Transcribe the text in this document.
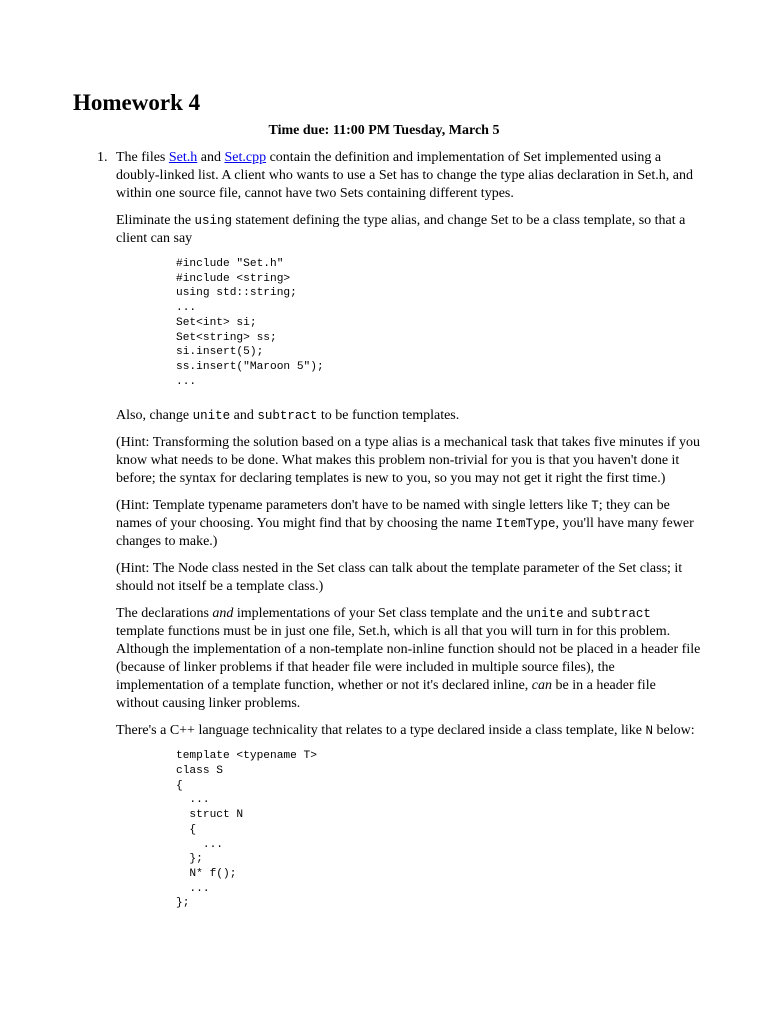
Homework 4

Time due: 11:00 PM Tuesday, March 5

1. The files Set.h and Set.cpp contain the definition and implementation of Set implemented using a doubly-linked list. A client who wants to use a Set has to change the type alias declaration in Set.h, and within one source file, cannot have two Sets containing different types.

Eliminate the using statement defining the type alias, and change Set to be a class template, so that a client can say

#include "Set.h"
#include <string>
using std::string;
...
Set<int> si;
Set<string> ss;
si.insert(5);
ss.insert("Maroon 5");
...

Also, change unite and subtract to be function templates.

(Hint: Transforming the solution based on a type alias is a mechanical task that takes five minutes if you know what needs to be done. What makes this problem non-trivial for you is that you haven't done it before; the syntax for declaring templates is new to you, so you may not get it right the first time.)

(Hint: Template typename parameters don't have to be named with single letters like T; they can be names of your choosing. You might find that by choosing the name ItemType, you'll have many fewer changes to make.)

(Hint: The Node class nested in the Set class can talk about the template parameter of the Set class; it should not itself be a template class.)

The declarations and implementations of your Set class template and the unite and subtract template functions must be in just one file, Set.h, which is all that you will turn in for this problem. Although the implementation of a non-template non-inline function should not be placed in a header file (because of linker problems if that header file were included in multiple source files), the implementation of a template function, whether or not it's declared inline, can be in a header file without causing linker problems.

There's a C++ language technicality that relates to a type declared inside a class template, like N below:

template <typename T>
class S
{
...
struct N
{
...
};
N* f();
...
};
